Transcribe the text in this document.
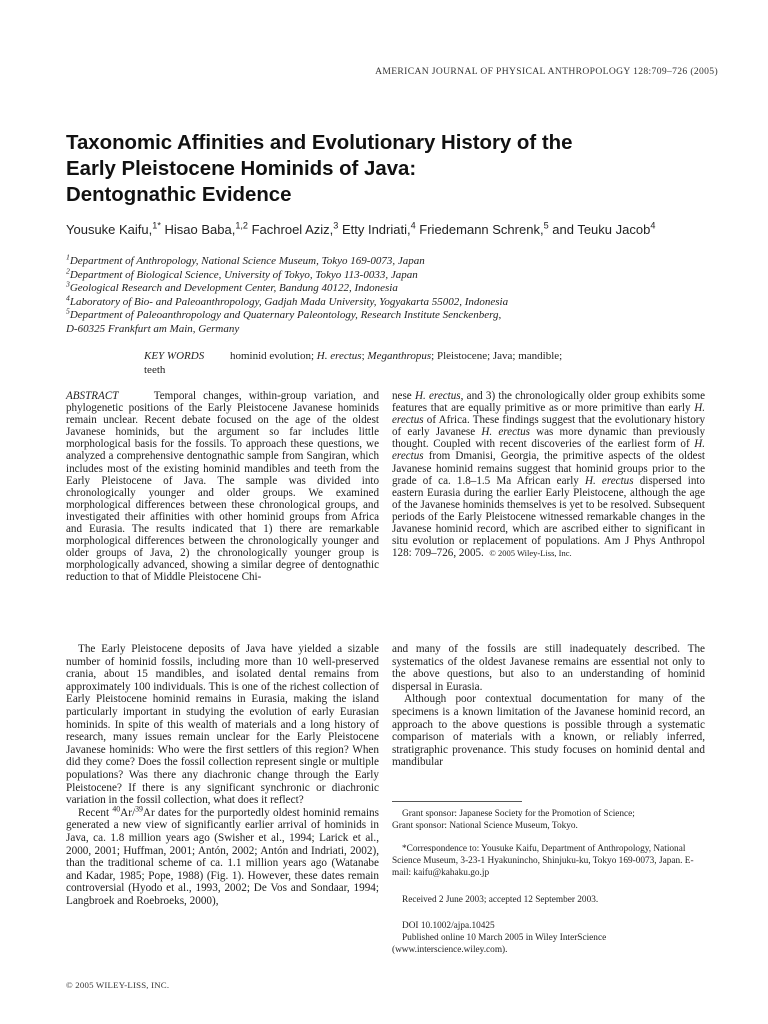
AMERICAN JOURNAL OF PHYSICAL ANTHROPOLOGY 128:709–726 (2005)
Taxonomic Affinities and Evolutionary History of the
Early Pleistocene Hominids of Java:
Dentognathic Evidence
Yousuke Kaifu,$^{1*}$ Hisao Baba,$^{1,2}$ Fachroel Aziz,$^3$ Etty Indriati,$^4$ Friedemann Schrenk,$^5$ and Teuku Jacob$^4$
$^1$Department of Anthropology, National Science Museum, Tokyo 169-0073, Japan
$^2$Department of Biological Science, University of Tokyo, Tokyo 113-0033, Japan
$^3$Geological Research and Development Center, Bandung 40122, Indonesia
$^4$Laboratory of Bio- and Paleoanthropology, Gadjah Mada University, Yogyakarta 55002, Indonesia
$^5$Department of Paleoanthropology and Quaternary Paleontology, Research Institute Senckenberg,
D-60325 Frankfurt am Main, Germany
KEY WORDS hominid evolution; H. erectus; Meganthropus; Pleistocene; Java; mandible;
teeth
ABSTRACT	Temporal changes, within-group variation, and phylogenetic positions of the Early Pleistocene Javanese hominids remain unclear. Recent debate focused on the age of the oldest Javanese hominids, but the argument so far includes little morphological basis for the fossils. To approach these questions, we analyzed a comprehensive dentognathic sample from Sangiran, which includes most of the existing hominid mandibles and teeth from the Early Pleistocene of Java. The sample was divided into chronologically younger and older groups. We examined morphological differences between these chronological groups, and investigated their affinities with other hominid groups from Africa and Eurasia. The results indicated that 1) there are remarkable morphological differences between the chronologically younger and older groups of Java, 2) the chronologically younger group is morphologically advanced, showing a similar degree of dentognathic reduction to that of Middle Pleistocene Chi-
nese H. erectus, and 3) the chronologically older group exhibits some features that are equally primitive as or more primitive than early H. erectus of Africa. These findings suggest that the evolutionary history of early Javanese H. erectus was more dynamic than previously thought. Coupled with recent discoveries of the earliest form of H. erectus from Dmanisi, Georgia, the primitive aspects of the oldest Javanese hominid remains suggest that hominid groups prior to the grade of ca. 1.8–1.5 Ma African early H. erectus dispersed into eastern Eurasia during the earlier Early Pleistocene, although the age of the Javanese hominids themselves is yet to be resolved. Subsequent periods of the Early Pleistocene witnessed remarkable changes in the Javanese hominid record, which are ascribed either to significant in situ evolution or replacement of populations. Am J Phys Anthropol 128: 709–726, 2005. © 2005 Wiley-Liss, Inc.

The Early Pleistocene deposits of Java have yielded a sizable number of hominid fossils, including more than 10 well-preserved crania, about 15 mandibles, and isolated dental remains from approximately 100 individuals. This is one of the richest collection of Early Pleistocene hominid remains in Eurasia, making the island particularly important in studying the evolution of early Eurasian hominids. In spite of this wealth of materials and a long history of research, many issues remain unclear for the Early Pleistocene Javanese hominids: Who were the first settlers of this region? When did they come? Does the fossil collection represent single or multiple populations? Was there any diachronic change through the Early Pleistocene? If there is any significant synchronic or diachronic variation in the fossil collection, what does it reflect?

Recent $^{40}$Ar/$^{39}$Ar dates for the purportedly oldest hominid remains generated a new view of significantly earlier arrival of hominids in Java, ca. 1.8 million years ago (Swisher et al., 1994; Larick et al., 2000, 2001; Huffman, 2001; Antón, 2002; Antón and Indriati, 2002), than the traditional scheme of ca. 1.1 million years ago (Watanabe and Kadar, 1985; Pope, 1988) (Fig. 1). However, these dates remain controversial (Hyodo et al., 1993, 2002; De Vos and Sondaar, 1994; Langbroek and Roebroeks, 2000),

and many of the fossils are still inadequately described. The systematics of the oldest Javanese remains are essential not only to the above questions, but also to an understanding of hominid dispersal in Eurasia.

Although poor contextual documentation for many of the specimens is a known limitation of the Javanese hominid record, an approach to the above questions is possible through a systematic comparison of materials with a known, or reliably inferred, stratigraphic provenance. This study focuses on hominid dental and mandibular

Grant sponsor: Japanese Society for the Promotion of Science;
Grant sponsor: National Science Museum, Tokyo.
*Correspondence to: Yousuke Kaifu, Department of Anthropology, National Science Museum, 3-23-1 Hyakunincho, Shinjuku-ku, Tokyo 169-0073, Japan. E-mail: kaifu@kahaku.go.jp
Received 2 June 2003; accepted 12 September 2003.
DOI 10.1002/ajpa.10425
Published online 10 March 2005 in Wiley InterScience
(www.interscience.wiley.com).
© 2005 WILEY-LISS, INC.
